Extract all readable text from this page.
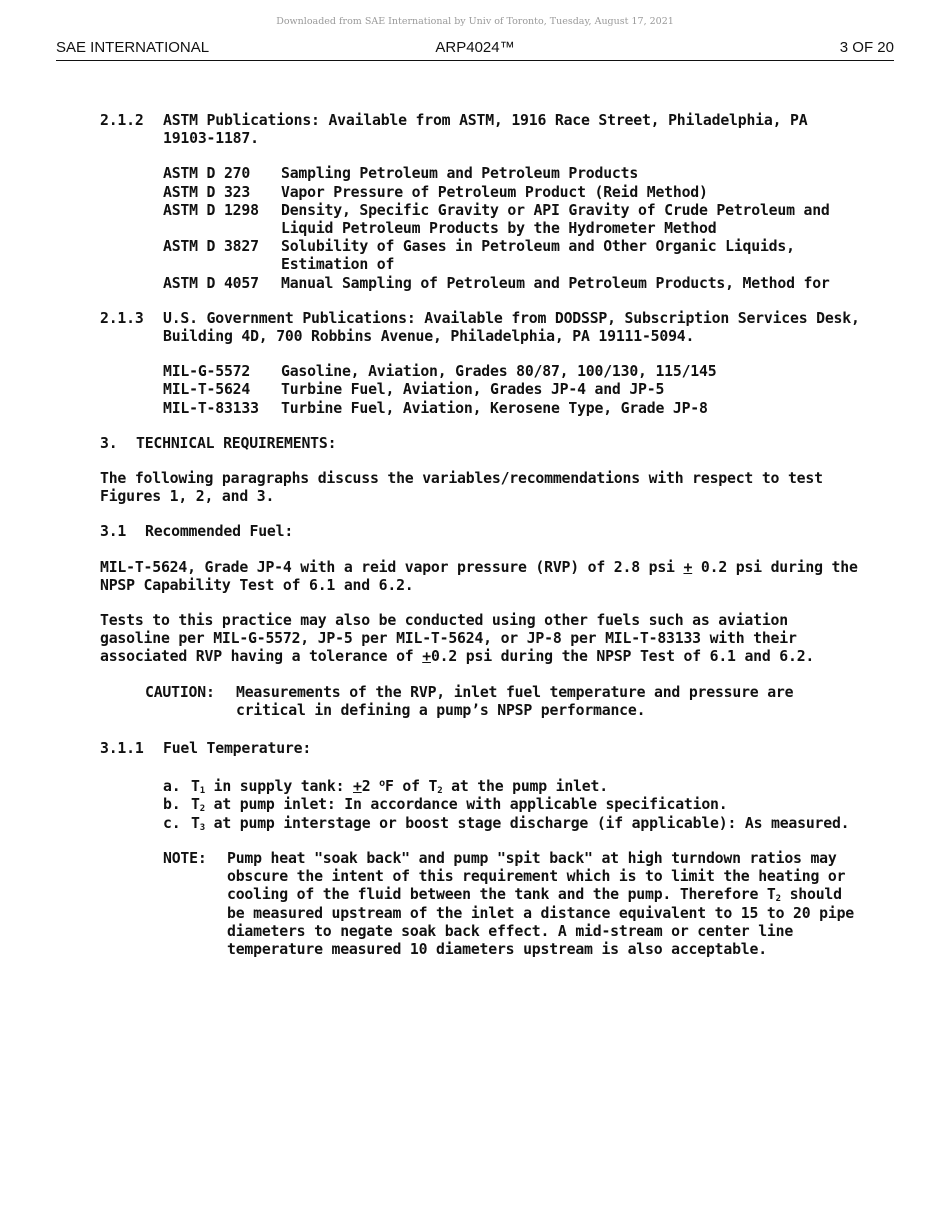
Downloaded from SAE International by Univ of Toronto, Tuesday, August 17, 2021
SAE INTERNATIONAL	ARP4024™	3 OF 20
2.1.2	ASTM Publications: Available from ASTM, 1916 Race Street, Philadelphia, PA 19103-1187.
ASTM D 270	Sampling Petroleum and Petroleum Products
ASTM D 323	Vapor Pressure of Petroleum Product (Reid Method)
ASTM D 1298	Density, Specific Gravity or API Gravity of Crude Petroleum and Liquid Petroleum Products by the Hydrometer Method
ASTM D 3827	Solubility of Gases in Petroleum and Other Organic Liquids, Estimation of
ASTM D 4057	Manual Sampling of Petroleum and Petroleum Products, Method for
2.1.3	U.S. Government Publications: Available from DODSSP, Subscription Services Desk, Building 4D, 700 Robbins Avenue, Philadelphia, PA 19111-5094.
MIL-G-5572	Gasoline, Aviation, Grades 80/87, 100/130, 115/145
MIL-T-5624	Turbine Fuel, Aviation, Grades JP-4 and JP-5
MIL-T-83133	Turbine Fuel, Aviation, Kerosene Type, Grade JP-8
3.	TECHNICAL REQUIREMENTS:

The following paragraphs discuss the variables/recommendations with respect to test Figures 1, 2, and 3.

3.1	Recommended Fuel:

MIL-T-5624, Grade JP-4 with a reid vapor pressure (RVP) of 2.8 psi + 0.2 psi during the NPSP Capability Test of 6.1 and 6.2.

Tests to this practice may also be conducted using other fuels such as aviation gasoline per MIL-G-5572, JP-5 per MIL-T-5624, or JP-8 per MIL-T-83133 with their associated RVP having a tolerance of +0.2 psi during the NPSP Test of 6.1 and 6.2.

CAUTION:	Measurements of the RVP, inlet fuel temperature and pressure are critical in defining a pump’s NPSP performance.
3.1.1	Fuel Temperature:
a. $T_1$ in supply tank: +2 $^o$F of $T_2$ at the pump inlet.
b. $T_2$ at pump inlet: In accordance with applicable specification.
c. $T_3$ at pump interstage or boost stage discharge (if applicable): As measured.
NOTE:	Pump heat "soak back" and pump "spit back" at high turndown ratios may obscure the intent of this requirement which is to limit the heating or cooling of the fluid between the tank and the pump. Therefore $T_2$ should be measured upstream of the inlet a distance equivalent to 15 to 20 pipe diameters to negate soak back effect. A mid-stream or center line temperature measured 10 diameters upstream is also acceptable.
